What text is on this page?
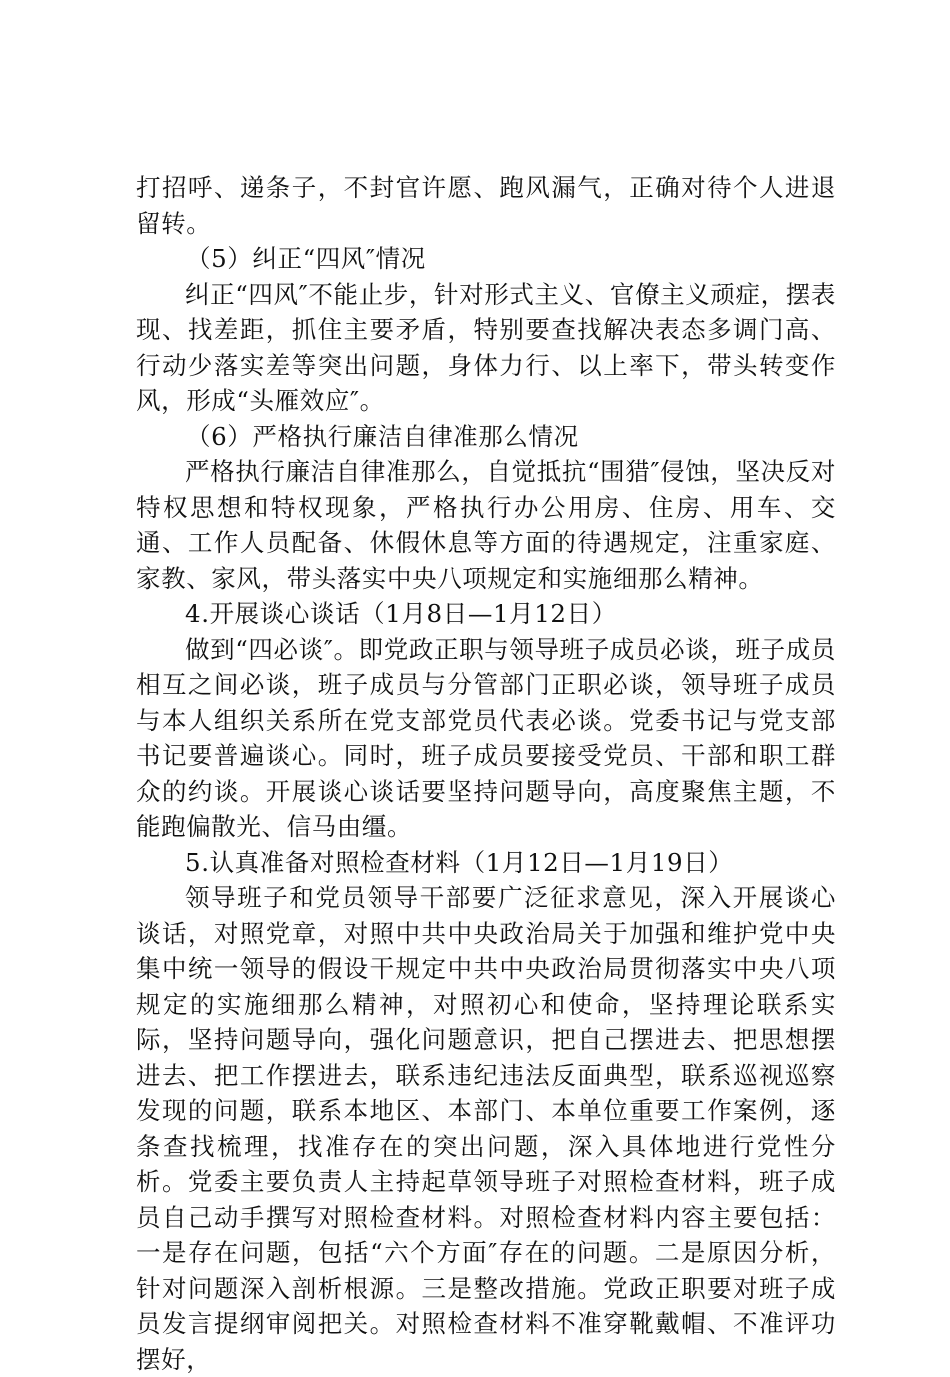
打招呼、递条子，不封官许愿、跑风漏气，正确对待个人进退留转。

（5）纠正“四风″情况

纠正“四风″不能止步，针对形式主义、官僚主义顽症，摆表现、找差距，抓住主要矛盾，特别要查找解决表态多调门高、行动少落实差等突出问题，身体力行、以上率下，带头转变作风，形成“头雁效应″。

（6）严格执行廉洁自律准那么情况

严格执行廉洁自律准那么，自觉抵抗“围猎″侵蚀，坚决反对特权思想和特权现象，严格执行办公用房、住房、用车、交通、工作人员配备、休假休息等方面的待遇规定，注重家庭、家教、家风，带头落实中央八项规定和实施细那么精神。

4.开展谈心谈话（1月8日—1月12日）

做到“四必谈″。即党政正职与领导班子成员必谈，班子成员相互之间必谈，班子成员与分管部门正职必谈，领导班子成员与本人组织关系所在党支部党员代表必谈。党委书记与党支部书记要普遍谈心。同时，班子成员要接受党员、干部和职工群众的约谈。开展谈心谈话要坚持问题导向，高度聚焦主题，不能跑偏散光、信马由缰。

5.认真准备对照检查材料（1月12日—1月19日）

领导班子和党员领导干部要广泛征求意见，深入开展谈心谈话，对照党章，对照中共中央政治局关于加强和维护党中央集中统一领导的假设干规定中共中央政治局贯彻落实中央八项规定的实施细那么精神，对照初心和使命，坚持理论联系实际，坚持问题导向，强化问题意识，把自己摆进去、把思想摆进去、把工作摆进去，联系违纪违法反面典型，联系巡视巡察发现的问题，联系本地区、本部门、本单位重要工作案例，逐条查找梳理，找准存在的突出问题，深入具体地进行党性分析。党委主要负责人主持起草领导班子对照检查材料，班子成员自己动手撰写对照检查材料。对照检查材料内容主要包括：一是存在问题，包括“六个方面″存在的问题。二是原因分析，针对问题深入剖析根源。三是整改措施。党政正职要对班子成员发言提纲审阅把关。对照检查材料不准穿靴戴帽、不准评功摆好，
